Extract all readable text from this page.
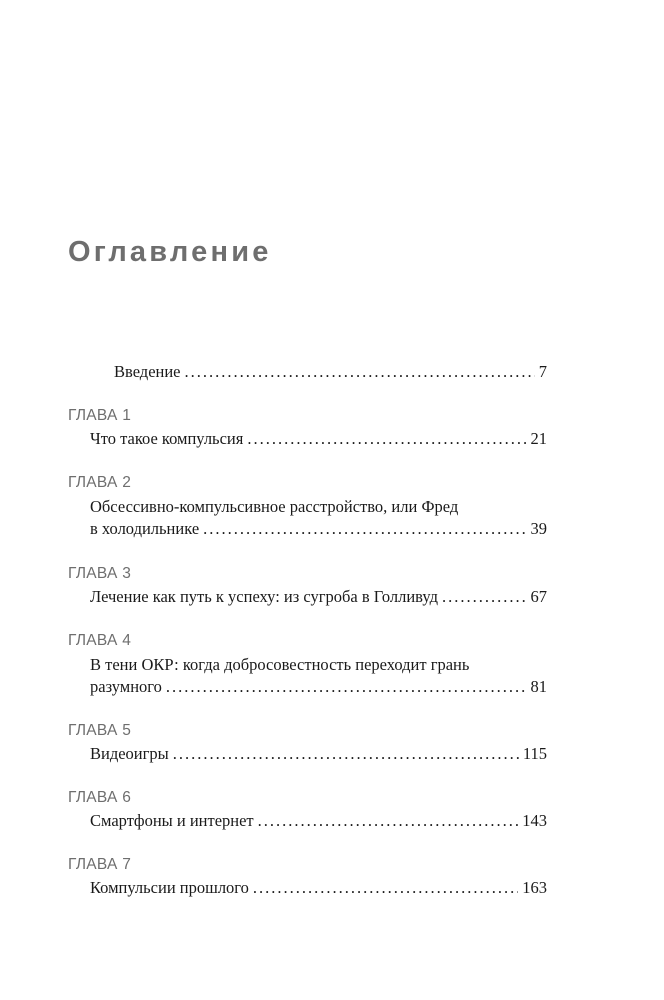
Оглавление
Введение .....	7
ГЛАВА 1
Что такое компульсия .....	21
ГЛАВА 2
Обсессивно-компульсивное расстройство, или Фред
в холодильнике .....	39
ГЛАВА 3
Лечение как путь к успеху: из сугроба в Голливуд .....	67
ГЛАВА 4
В тени ОКР: когда добросовестность переходит грань
разумного .....	81
ГЛАВА 5
Видеоигры .....	115
ГЛАВА 6
Смартфоны и интернет .....	143
ГЛАВА 7
Компульсии прошлого .....	163
